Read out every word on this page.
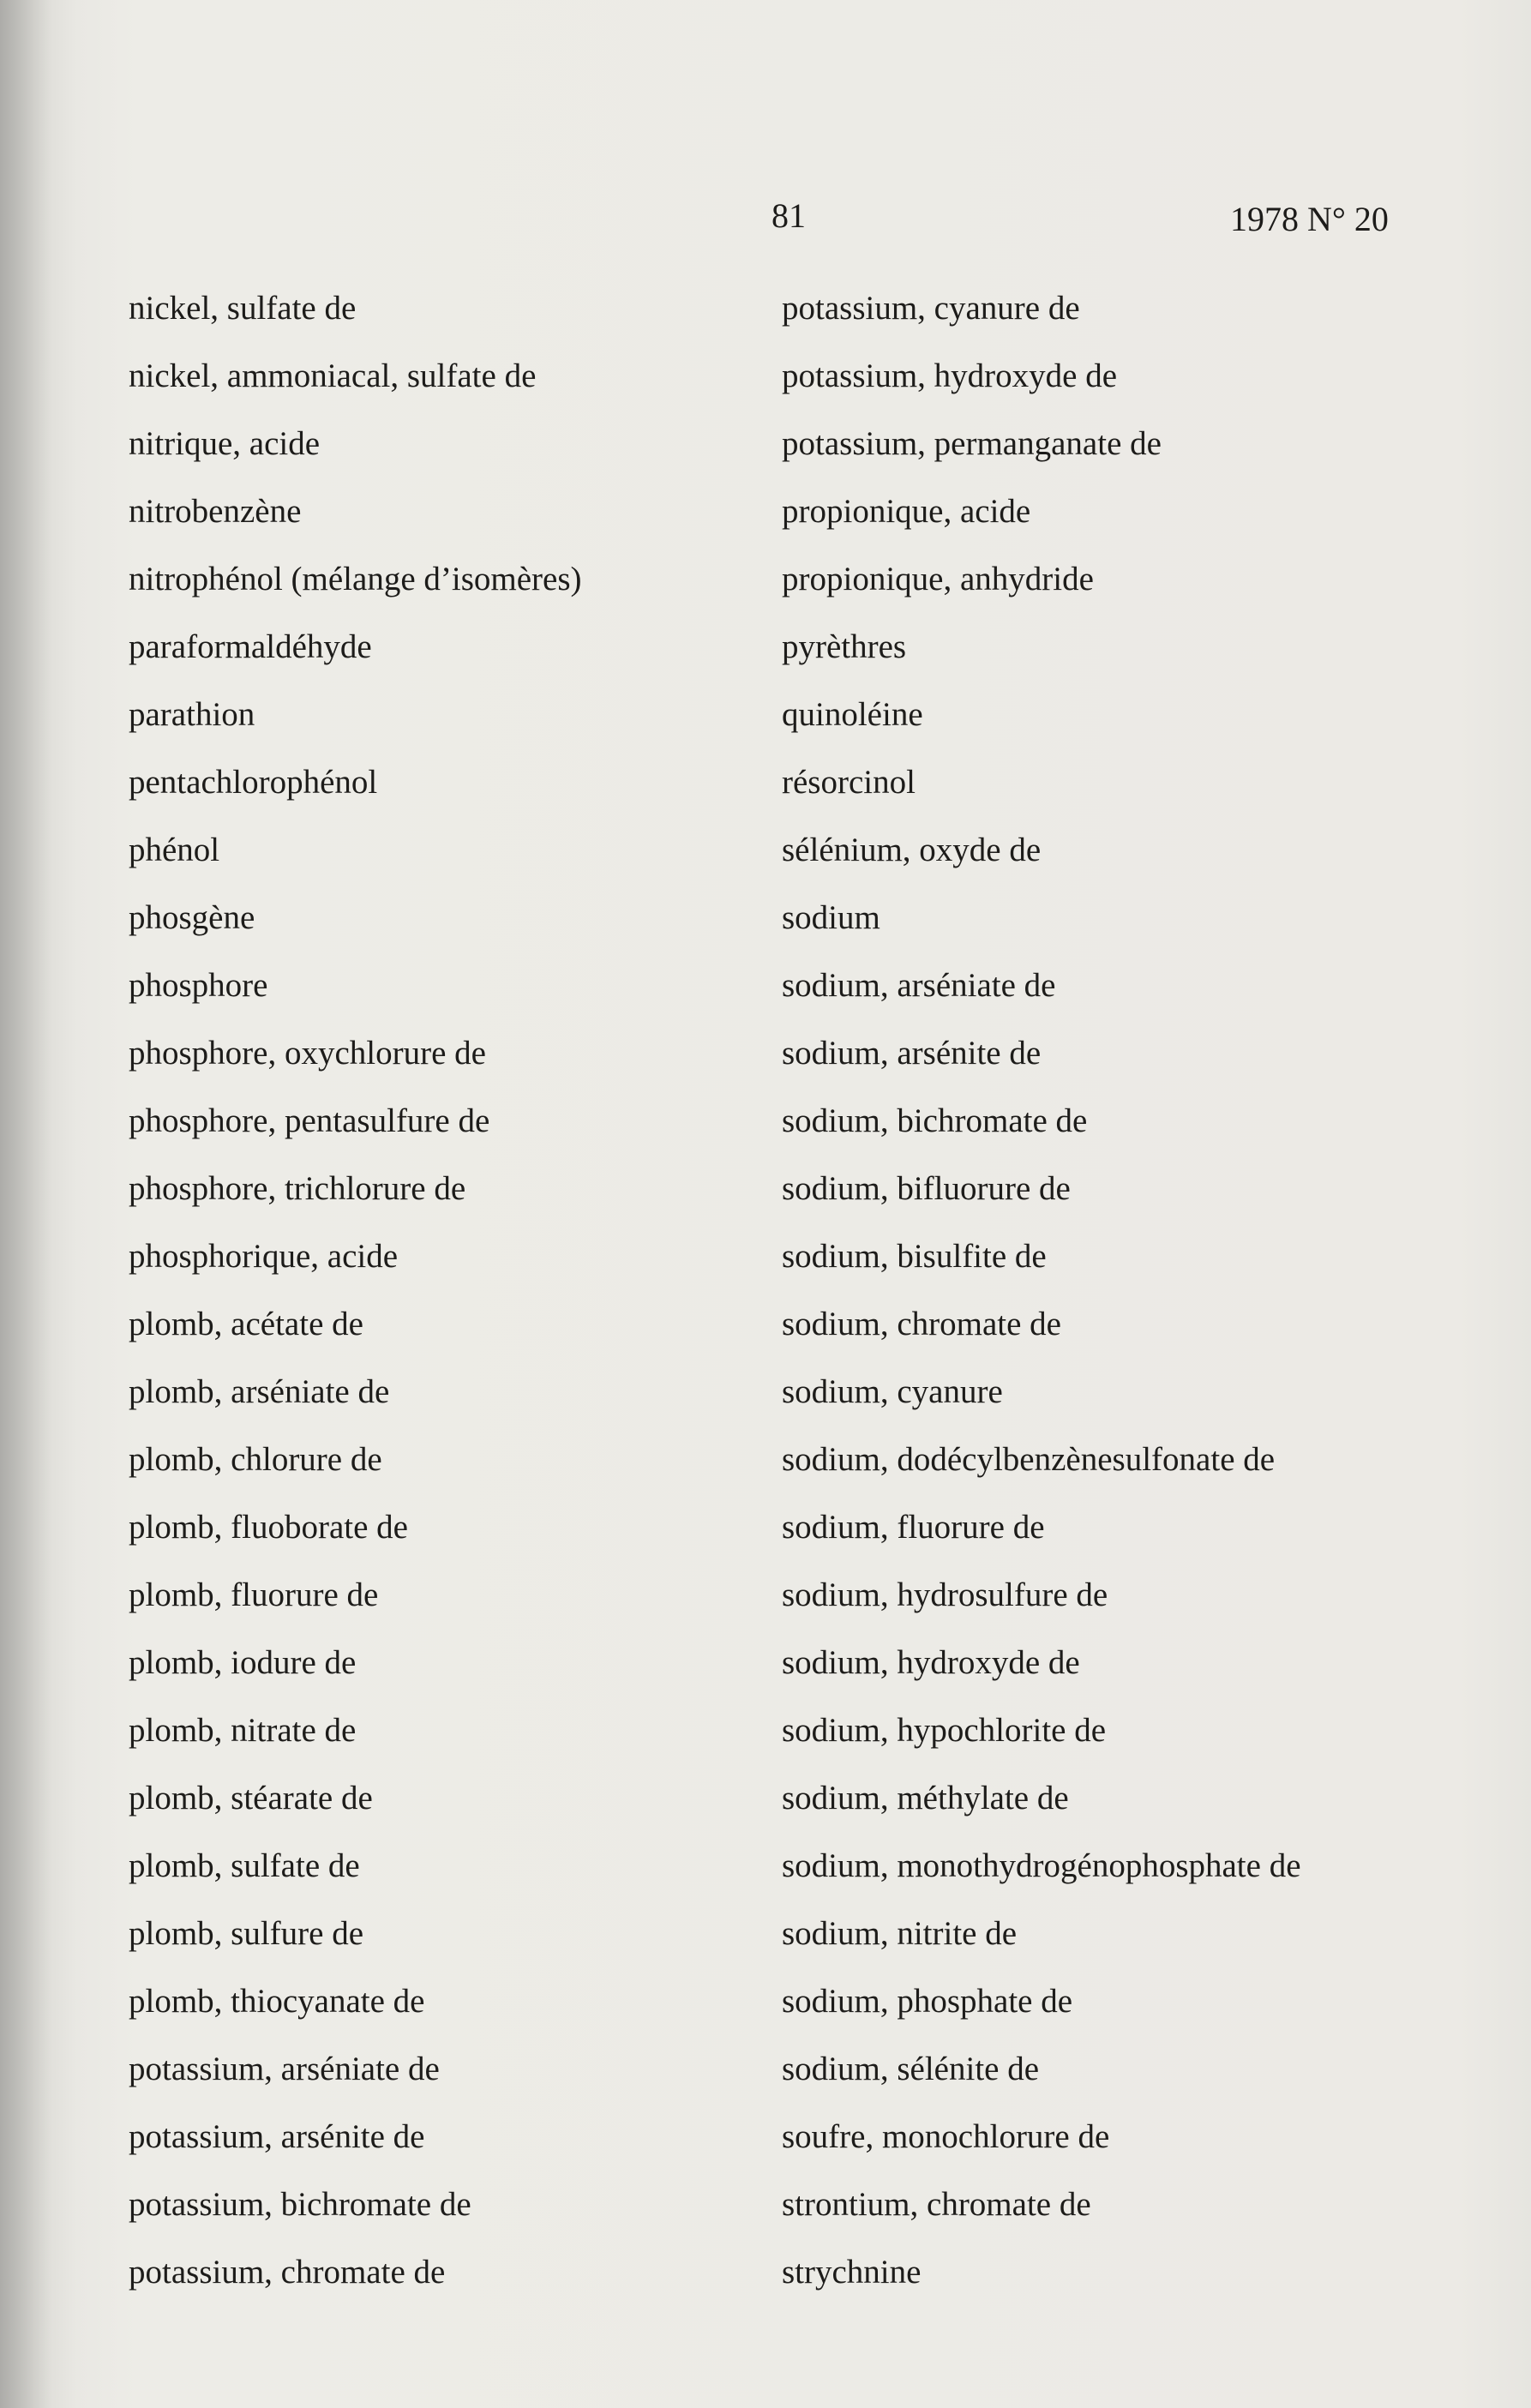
81	1978 N° 20
nickel, sulfate de
nickel, ammoniacal, sulfate de
nitrique, acide
nitrobenzène
nitrophénol (mélange d’isomères)
paraformaldéhyde
parathion
pentachlorophénol
phénol
phosgène
phosphore
phosphore, oxychlorure de
phosphore, pentasulfure de
phosphore, trichlorure de
phosphorique, acide
plomb, acétate de
plomb, arséniate de
plomb, chlorure de
plomb, fluoborate de
plomb, fluorure de
plomb, iodure de
plomb, nitrate de
plomb, stéarate de
plomb, sulfate de
plomb, sulfure de
plomb, thiocyanate de
potassium, arséniate de
potassium, arsénite de
potassium, bichromate de
potassium, chromate de
potassium, cyanure de
potassium, hydroxyde de
potassium, permanganate de
propionique, acide
propionique, anhydride
pyrèthres
quinoléine
résorcinol
sélénium, oxyde de
sodium
sodium, arséniate de
sodium, arsénite de
sodium, bichromate de
sodium, bifluorure de
sodium, bisulfite de
sodium, chromate de
sodium, cyanure
sodium, dodécylbenzènesulfonate de
sodium, fluorure de
sodium, hydrosulfure de
sodium, hydroxyde de
sodium, hypochlorite de
sodium, méthylate de
sodium, monothydrogénophosphate de
sodium, nitrite de
sodium, phosphate de
sodium, sélénite de
soufre, monochlorure de
strontium, chromate de
strychnine
